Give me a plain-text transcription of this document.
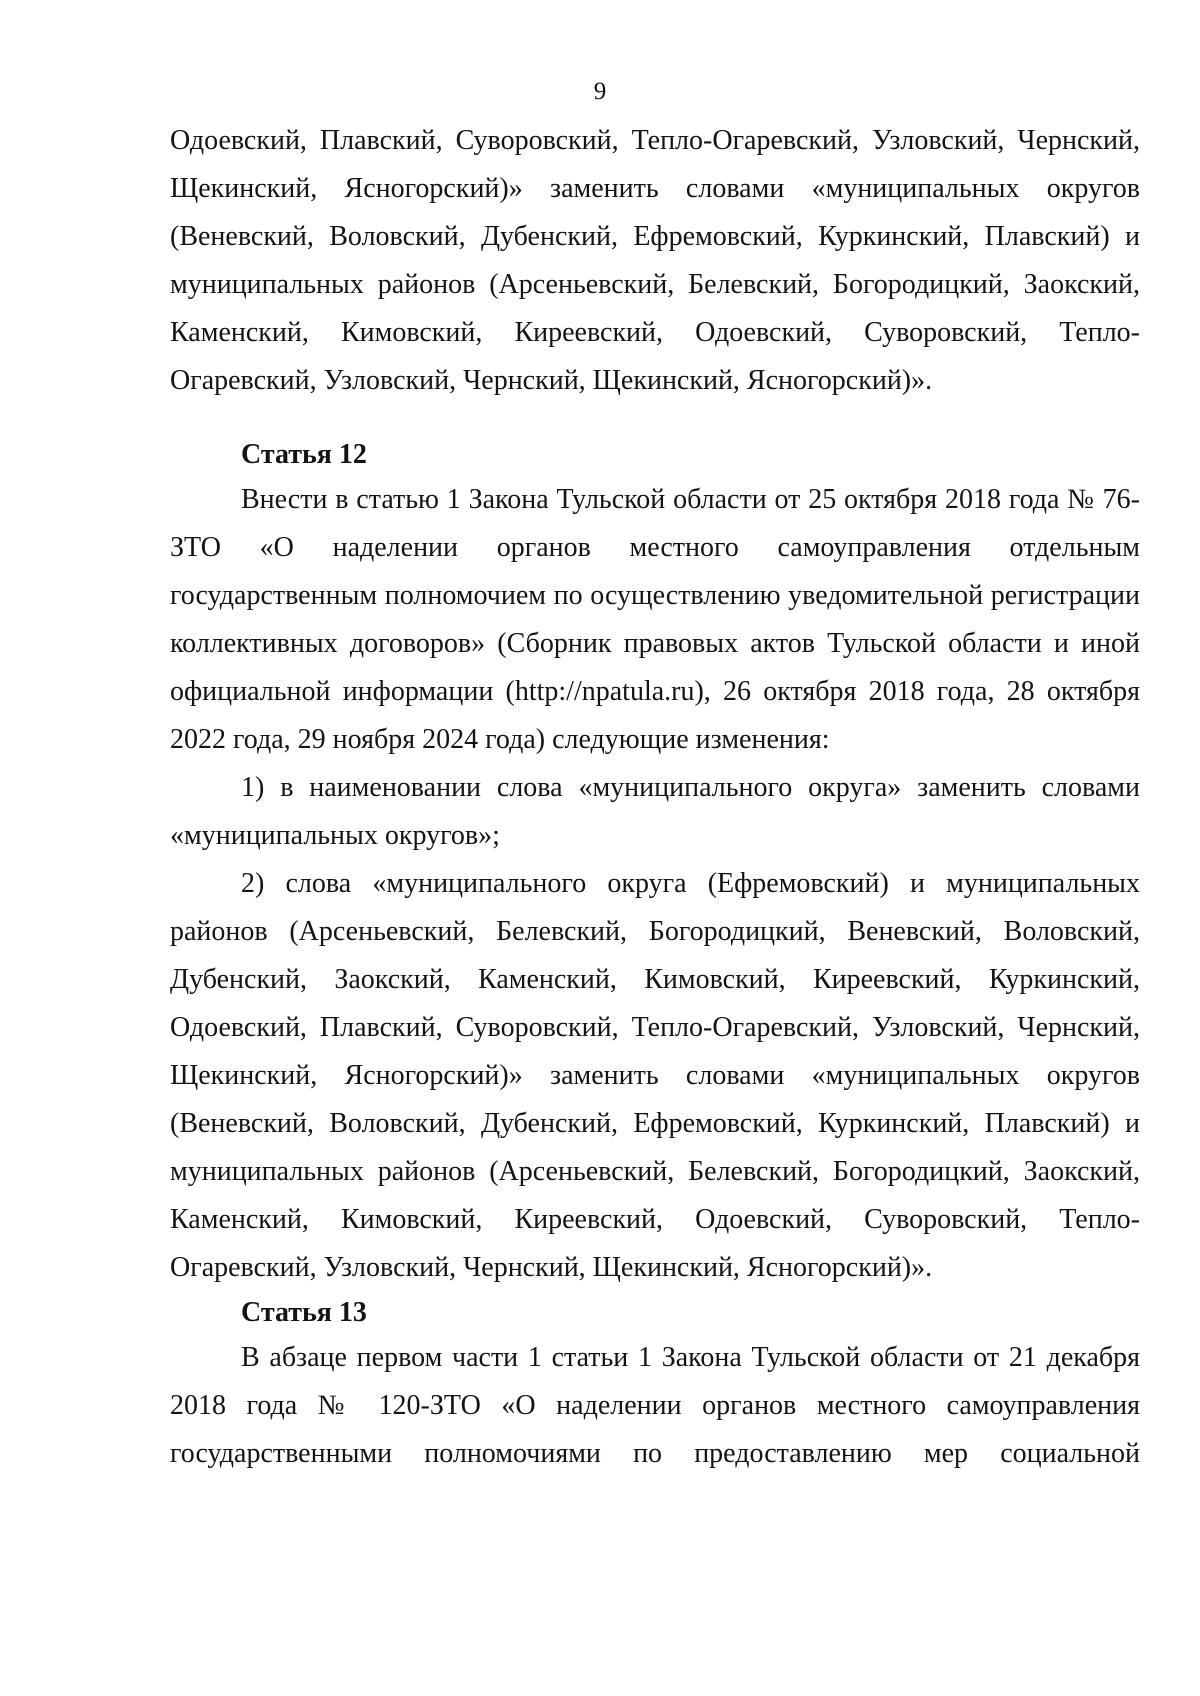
9

Одоевский, Плавский, Суворовский, Тепло-Огаревский, Узловский, Чернский, Щекинский, Ясногорский)» заменить словами «муниципальных округов (Веневский, Воловский, Дубенский, Ефремовский, Куркинский, Плавский) и муниципальных районов (Арсеньевский, Белевский, Богородицкий, Заокский, Каменский, Кимовский, Киреевский, Одоевский, Суворовский, Тепло-Огаревский, Узловский, Чернский, Щекинский, Ясногорский)».

Статья 12

Внести в статью 1 Закона Тульской области от 25 октября 2018 года № 76-ЗТО «О наделении органов местного самоуправления отдельным государственным полномочием по осуществлению уведомительной регистрации коллективных договоров» (Сборник правовых актов Тульской области и иной официальной информации (http://npatula.ru), 26 октября 2018 года, 28 октября 2022 года, 29 ноября 2024 года) следующие изменения:

1) в наименовании слова «муниципального округа» заменить словами «муниципальных округов»;

2) слова «муниципального округа (Ефремовский) и муниципальных районов (Арсеньевский, Белевский, Богородицкий, Веневский, Воловский, Дубенский, Заокский, Каменский, Кимовский, Киреевский, Куркинский, Одоевский, Плавский, Суворовский, Тепло-Огаревский, Узловский, Чернский, Щекинский, Ясногорский)» заменить словами «муниципальных округов (Веневский, Воловский, Дубенский, Ефремовский, Куркинский, Плавский) и муниципальных районов (Арсеньевский, Белевский, Богородицкий, Заокский, Каменский, Кимовский, Киреевский, Одоевский, Суворовский, Тепло-Огаревский, Узловский, Чернский, Щекинский, Ясногорский)».

Статья 13

В абзаце первом части 1 статьи 1 Закона Тульской области от 21 декабря 2018 года № 120-ЗТО «О наделении органов местного самоуправления государственными полномочиями по предоставлению мер социальной
